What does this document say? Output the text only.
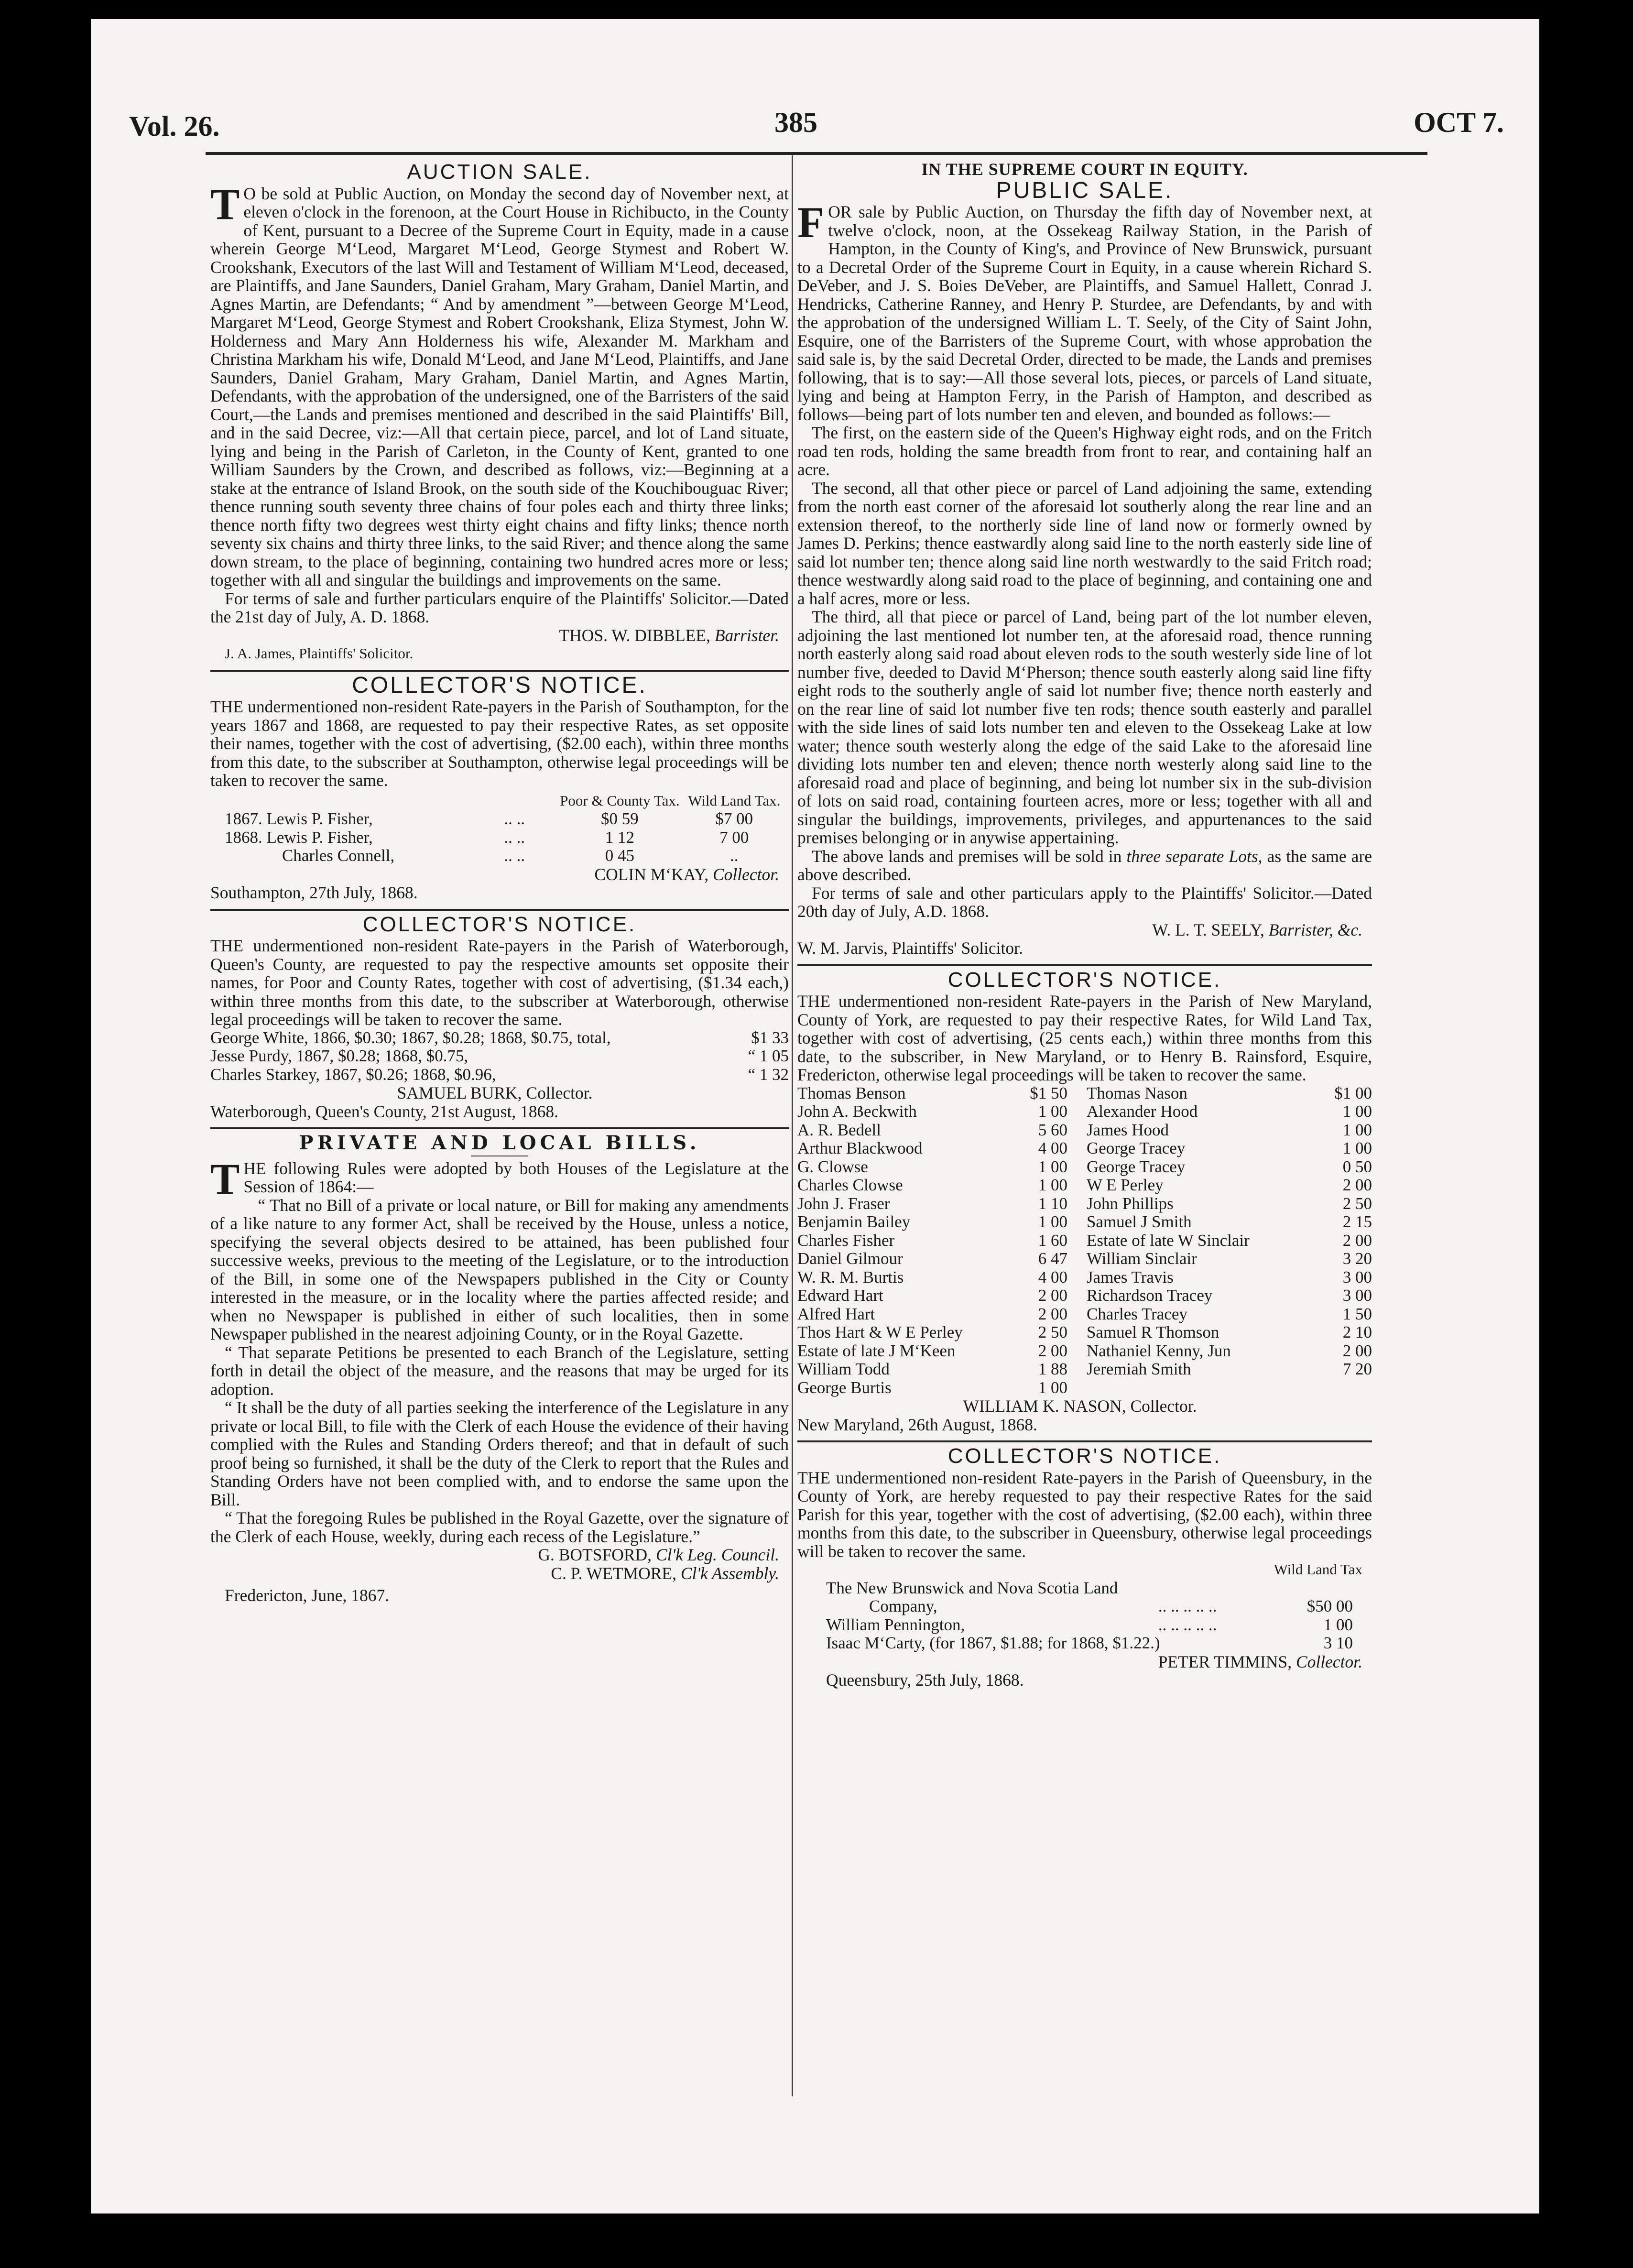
Vol. 26.	385	OCT 7.
AUCTION SALE.

T O be sold at Public Auction, on Monday the second day of November next, at eleven o'clock in the forenoon, at the Court House in Richibucto, in the County of Kent, pursuant to a Decree of the Supreme Court in Equity, made in a cause wherein George M‘Leod, Margaret M‘Leod, George Stymest and Robert W. Crookshank, Executors of the last Will and Testament of William M‘Leod, deceased, are Plaintiffs, and Jane Saunders, Daniel Graham, Mary Graham, Daniel Martin, and Agnes Martin, are Defendants; “ And by amendment ”—between George M‘Leod, Margaret M‘Leod, George Stymest and Robert Crookshank, Eliza Stymest, John W. Holderness and Mary Ann Holderness his wife, Alexander M. Markham and Christina Markham his wife, Donald M‘Leod, and Jane M‘Leod, Plaintiffs, and Jane Saunders, Daniel Graham, Mary Graham, Daniel Martin, and Agnes Martin, Defendants, with the approbation of the undersigned, one of the Barristers of the said Court,—the Lands and premises mentioned and described in the said Plaintiffs' Bill, and in the said Decree, viz:—All that certain piece, parcel, and lot of Land situate, lying and being in the Parish of Carleton, in the County of Kent, granted to one William Saunders by the Crown, and described as follows, viz:—Beginning at a stake at the entrance of Island Brook, on the south side of the Kouchibouguac River; thence running south seventy three chains of four poles each and thirty three links; thence north fifty two degrees west thirty eight chains and fifty links; thence north seventy six chains and thirty three links, to the said River; and thence along the same down stream, to the place of beginning, containing two hundred acres more or less; together with all and singular the buildings and improvements on the same.

For terms of sale and further particulars enquire of the Plaintiffs' Solicitor.—Dated the 21st day of July, A. D. 1868.

THOS. W. DIBBLEE, Barrister.
J. A. James, Plaintiffs' Solicitor.
COLLECTOR'S NOTICE.

THE undermentioned non-resident Rate-payers in the Parish of Southampton, for the years 1867 and 1868, are requested to pay their respective Rates, as set opposite their names, together with the cost of advertising, ($2.00 each), within three months from this date, to the subscriber at Southampton, otherwise legal proceedings will be taken to recover the same.

		Poor & County Tax.	Wild Land Tax.
1867. Lewis P. Fisher,	.. ..	$0 59	$7 00
1868. Lewis P. Fisher,	.. ..	1 12	7 00
Charles Connell,	.. ..	0 45	..
COLIN M‘KAY, Collector.
Southampton, 27th July, 1868.
COLLECTOR'S NOTICE.

THE undermentioned non-resident Rate-payers in the Parish of Waterborough, Queen's County, are requested to pay the respective amounts set opposite their names, for Poor and County Rates, together with cost of advertising, ($1.34 each,) within three months from this date, to the subscriber at Waterborough, otherwise legal proceedings will be taken to recover the same.

George White, 1866, $0.30; 1867, $0.28; 1868, $0.75, total,	$1 33
Jesse Purdy, 1867, $0.28; 1868, $0.75,	“ 1 05
Charles Starkey, 1867, $0.26; 1868, $0.96,	“ 1 32
SAMUEL BURK, Collector.
Waterborough, Queen's County, 21st August, 1868.
PRIVATE AND LOCAL BILLS.

THE following Rules were adopted by both Houses of the Legislature at the Session of 1864:—

“ That no Bill of a private or local nature, or Bill for making any amendments of a like nature to any former Act, shall be received by the House, unless a notice, specifying the several objects desired to be attained, has been published four successive weeks, previous to the meeting of the Legislature, or to the introduction of the Bill, in some one of the Newspapers published in the City or County interested in the measure, or in the locality where the parties affected reside; and when no Newspaper is published in either of such localities, then in some Newspaper published in the nearest adjoining County, or in the Royal Gazette.

“ That separate Petitions be presented to each Branch of the Legislature, setting forth in detail the object of the measure, and the reasons that may be urged for its adoption.

“ It shall be the duty of all parties seeking the interference of the Legislature in any private or local Bill, to file with the Clerk of each House the evidence of their having complied with the Rules and Standing Orders thereof; and that in default of such proof being so furnished, it shall be the duty of the Clerk to report that the Rules and Standing Orders have not been complied with, and to endorse the same upon the Bill.

“ That the foregoing Rules be published in the Royal Gazette, over the signature of the Clerk of each House, weekly, during each recess of the Legislature.”

G. BOTSFORD, Cl'k Leg. Council.
C. P. WETMORE, Cl'k Assembly.
Fredericton, June, 1867.
IN THE SUPREME COURT IN EQUITY.
PUBLIC SALE.

FOR sale by Public Auction, on Thursday the fifth day of November next, at twelve o'clock, noon, at the Ossekeag Railway Station, in the Parish of Hampton, in the County of King's, and Province of New Brunswick, pursuant to a Decretal Order of the Supreme Court in Equity, in a cause wherein Richard S. DeVeber, and J. S. Boies DeVeber, are Plaintiffs, and Samuel Hallett, Conrad J. Hendricks, Catherine Ranney, and Henry P. Sturdee, are Defendants, by and with the approbation of the undersigned William L. T. Seely, of the City of Saint John, Esquire, one of the Barristers of the Supreme Court, with whose approbation the said sale is, by the said Decretal Order, directed to be made, the Lands and premises following, that is to say:—All those several lots, pieces, or parcels of Land situate, lying and being at Hampton Ferry, in the Parish of Hampton, and described as follows—being part of lots number ten and eleven, and bounded as follows:—

The first, on the eastern side of the Queen's Highway eight rods, and on the Fritch road ten rods, holding the same breadth from front to rear, and containing half an acre.

The second, all that other piece or parcel of Land adjoining the same, extending from the north east corner of the aforesaid lot southerly along the rear line and an extension thereof, to the northerly side line of land now or formerly owned by James D. Perkins; thence eastwardly along said line to the north easterly side line of said lot number ten; thence along said line north westwardly to the said Fritch road; thence westwardly along said road to the place of beginning, and containing one and a half acres, more or less.

The third, all that piece or parcel of Land, being part of the lot number eleven, adjoining the last mentioned lot number ten, at the aforesaid road, thence running north easterly along said road about eleven rods to the south westerly side line of lot number five, deeded to David M‘Pherson; thence south easterly along said line fifty eight rods to the southerly angle of said lot number five; thence north easterly and on the rear line of said lot number five ten rods; thence south easterly and parallel with the side lines of said lots number ten and eleven to the Ossekeag Lake at low water; thence south westerly along the edge of the said Lake to the aforesaid line dividing lots number ten and eleven; thence north westerly along said line to the aforesaid road and place of beginning, and being lot number six in the sub-division of lots on said road, containing fourteen acres, more or less; together with all and singular the buildings, improvements, privileges, and appurtenances to the said premises belonging or in anywise appertaining.

The above lands and premises will be sold in three separate Lots, as the same are above described.

For terms of sale and other particulars apply to the Plaintiffs' Solicitor.—Dated 20th day of July, A.D. 1868.

W. L. T. SEELY, Barrister, &c.
W. M. Jarvis, Plaintiffs' Solicitor.
COLLECTOR'S NOTICE.

THE undermentioned non-resident Rate-payers in the Parish of New Maryland, County of York, are requested to pay their respective Rates, for Wild Land Tax, together with cost of advertising, (25 cents each,) within three months from this date, to the subscriber, in New Maryland, or to Henry B. Rainsford, Esquire, Fredericton, otherwise legal proceedings will be taken to recover the same.

Thomas Benson	$1 50	Thomas Nason	$1 00
John A. Beckwith	1 00	Alexander Hood	1 00
A. R. Bedell	5 60	James Hood	1 00
Arthur Blackwood	4 00	George Tracey	1 00
G. Clowse	1 00	George Tracey	0 50
Charles Clowse	1 00	W E Perley	2 00
John J. Fraser	1 10	John Phillips	2 50
Benjamin Bailey	1 00	Samuel J Smith	2 15
Charles Fisher	1 60	Estate of late W Sinclair	2 00
Daniel Gilmour	6 47	William Sinclair	3 20
W. R. M. Burtis	4 00	James Travis	3 00
Edward Hart	2 00	Richardson Tracey	3 00
Alfred Hart	2 00	Charles Tracey	1 50
Thos Hart & W E Perley	2 50	Samuel R Thomson	2 10
Estate of late J M‘Keen	2 00	Nathaniel Kenny, Jun	2 00
William Todd	1 88	Jeremiah Smith	7 20
George Burtis	1 00		
WILLIAM K. NASON, Collector.
New Maryland, 26th August, 1868.
COLLECTOR'S NOTICE.

THE undermentioned non-resident Rate-payers in the Parish of Queensbury, in the County of York, are hereby requested to pay their respective Rates for the said Parish for this year, together with the cost of advertising, ($2.00 each), within three months from this date, to the subscriber in Queensbury, otherwise legal proceedings will be taken to recover the same.

Wild Land Tax
The New Brunswick and Nova Scotia Land		
Company,	.. .. .. .. ..	$50 00
William Pennington,	.. .. .. .. ..	1 00
Isaac M‘Carty, (for 1867, $1.88; for 1868, $1.22.)		3 10
PETER TIMMINS, Collector.
Queensbury, 25th July, 1868.
